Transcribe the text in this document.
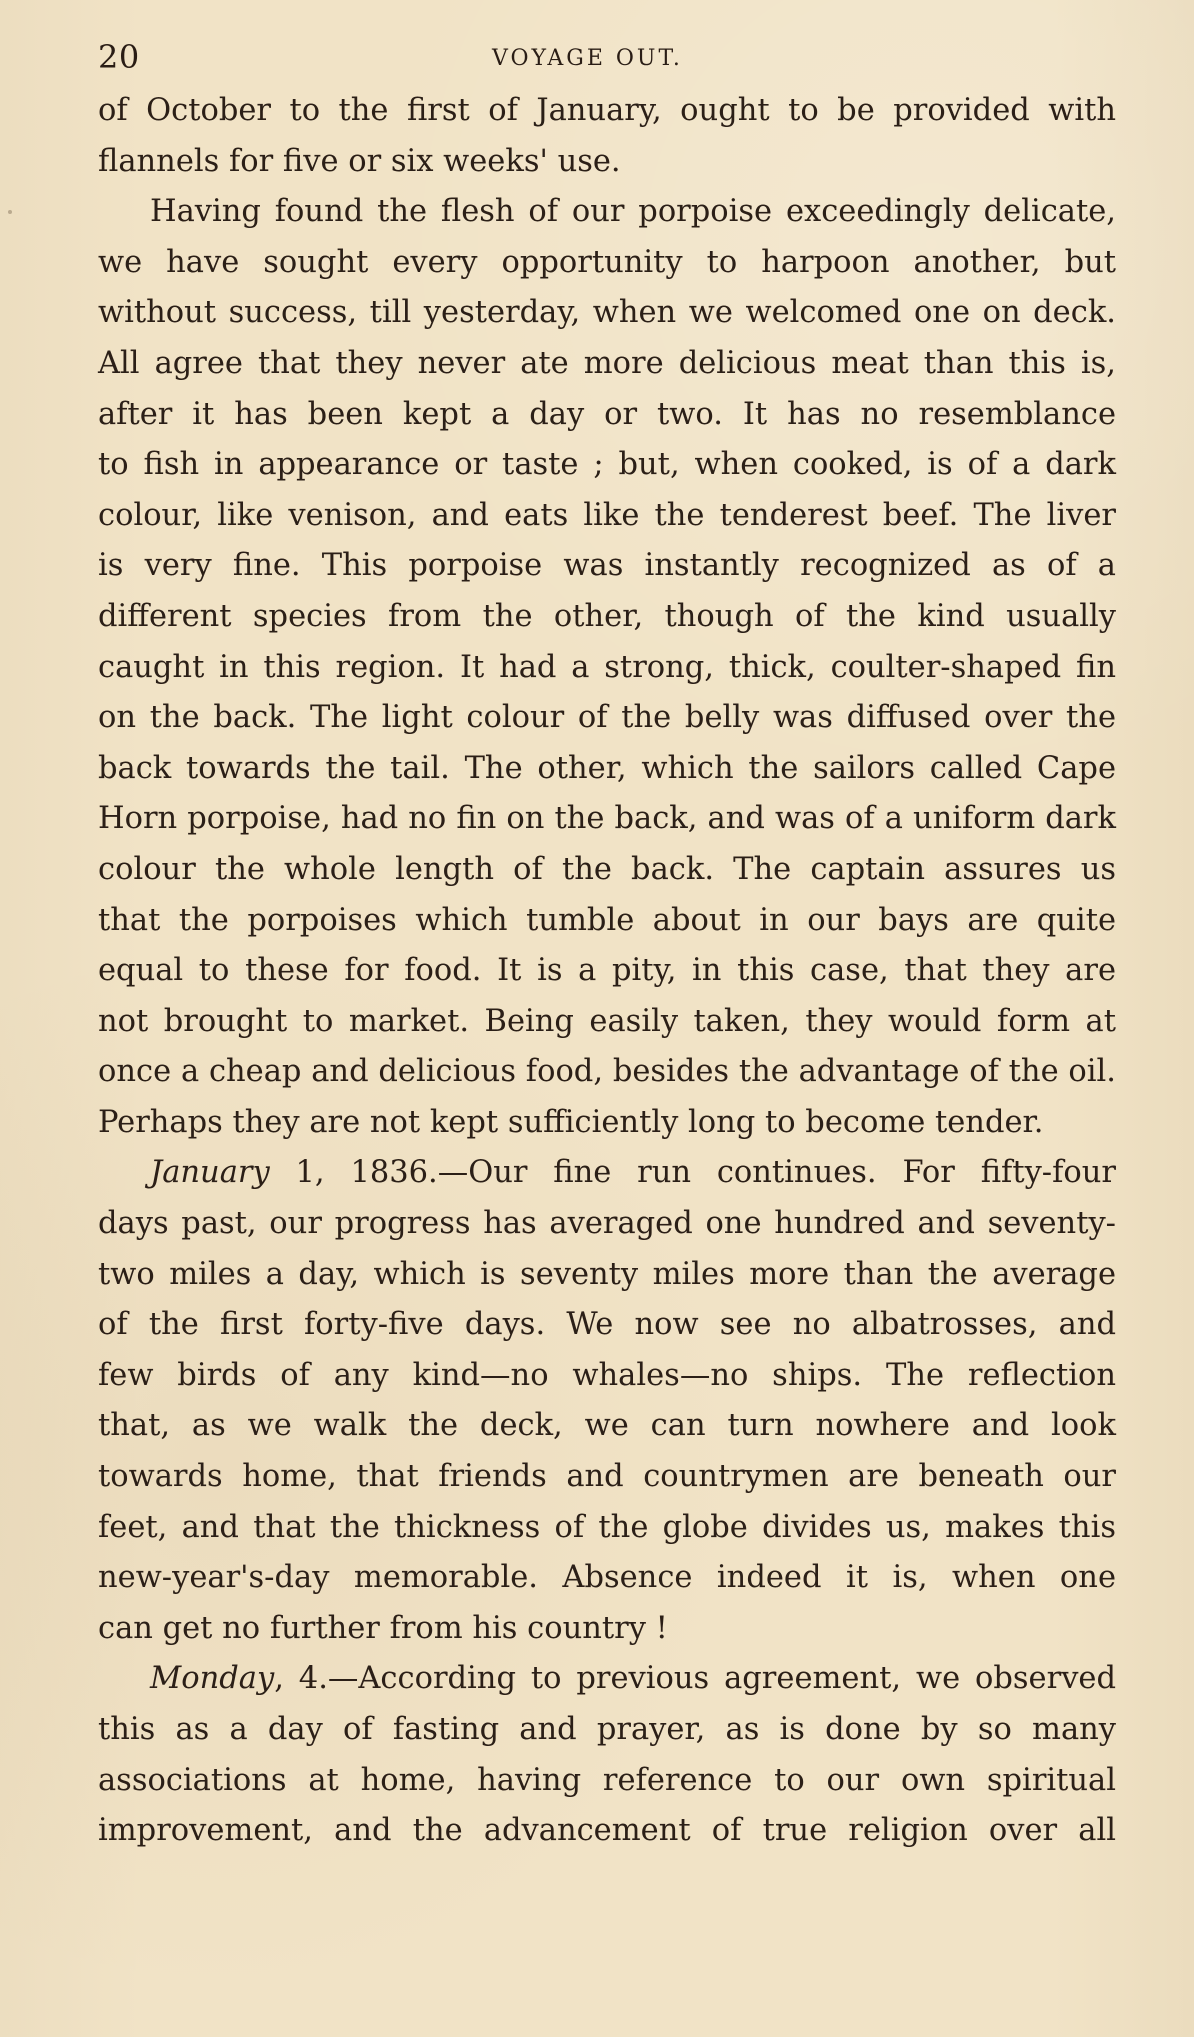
20	VOYAGE OUT.
of October to the first of January, ought to be provided with
flannels for five or six weeks' use.
Having found the flesh of our porpoise exceedingly delicate,
we have sought every opportunity to harpoon another, but
without success, till yesterday, when we welcomed one on deck.
All agree that they never ate more delicious meat than this is,
after it has been kept a day or two. It has no resemblance
to fish in appearance or taste ; but, when cooked, is of a dark
colour, like venison, and eats like the tenderest beef. The liver
is very fine. This porpoise was instantly recognized as of a
different species from the other, though of the kind usually
caught in this region. It had a strong, thick, coulter-shaped fin
on the back. The light colour of the belly was diffused over the
back towards the tail. The other, which the sailors called Cape
Horn porpoise, had no fin on the back, and was of a uniform dark
colour the whole length of the back. The captain assures us
that the porpoises which tumble about in our bays are quite
equal to these for food. It is a pity, in this case, that they are
not brought to market. Being easily taken, they would form at
once a cheap and delicious food, besides the advantage of the oil.
Perhaps they are not kept sufficiently long to become tender.
January 1, 1836.—Our fine run continues. For fifty-four
days past, our progress has averaged one hundred and seventy-
two miles a day, which is seventy miles more than the average
of the first forty-five days. We now see no albatrosses, and
few birds of any kind—no whales—no ships. The reflection
that, as we walk the deck, we can turn nowhere and look
towards home, that friends and countrymen are beneath our
feet, and that the thickness of the globe divides us, makes this
new-year's-day memorable. Absence indeed it is, when one
can get no further from his country !
Monday, 4.—According to previous agreement, we observed
this as a day of fasting and prayer, as is done by so many
associations at home, having reference to our own spiritual
improvement, and the advancement of true religion over all
